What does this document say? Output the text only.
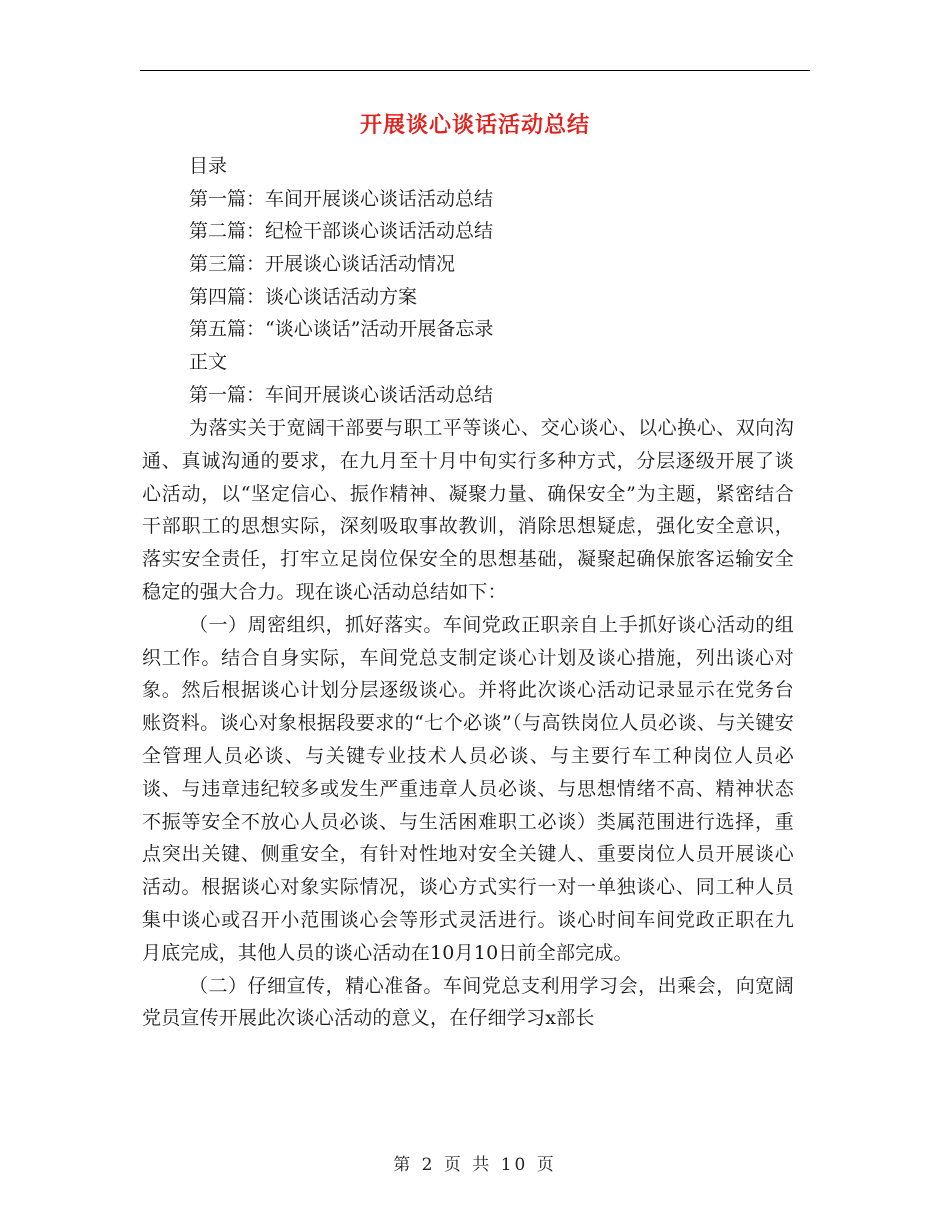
开展谈心谈话活动总结
目录
第一篇：车间开展谈心谈话活动总结
第二篇：纪检干部谈心谈话活动总结
第三篇：开展谈心谈话活动情况
第四篇：谈心谈话活动方案
第五篇：“谈心谈话”活动开展备忘录
正文
第一篇：车间开展谈心谈话活动总结

为落实关于宽阔干部要与职工平等谈心、交心谈心、以心换心、双向沟通、真诚沟通的要求，在九月至十月中旬实行多种方式，分层逐级开展了谈心活动，以“坚定信心、振作精神、凝聚力量、确保安全”为主题，紧密结合干部职工的思想实际，深刻吸取事故教训，消除思想疑虑，强化安全意识，落实安全责任，打牢立足岗位保安全的思想基础，凝聚起确保旅客运输安全稳定的强大合力。现在谈心活动总结如下：

（一）周密组织，抓好落实。车间党政正职亲自上手抓好谈心活动的组织工作。结合自身实际，车间党总支制定谈心计划及谈心措施，列出谈心对象。然后根据谈心计划分层逐级谈心。并将此次谈心活动记录显示在党务台账资料。谈心对象根据段要求的“七个必谈”（与高铁岗位人员必谈、与关键安全管理人员必谈、与关键专业技术人员必谈、与主要行车工种岗位人员必谈、与违章违纪较多或发生严重违章人员必谈、与思想情绪不高、精神状态不振等安全不放心人员必谈、与生活困难职工必谈）类属范围进行选择，重点突出关键、侧重安全，有针对性地对安全关键人、重要岗位人员开展谈心活动。根据谈心对象实际情况，谈心方式实行一对一单独谈心、同工种人员集中谈心或召开小范围谈心会等形式灵活进行。谈心时间车间党政正职在九月底完成，其他人员的谈心活动在10月10日前全部完成。

（二）仔细宣传，精心准备。车间党总支利用学习会，出乘会，向宽阔党员宣传开展此次谈心活动的意义，在仔细学习x部长

第 2 页 共 10 页
